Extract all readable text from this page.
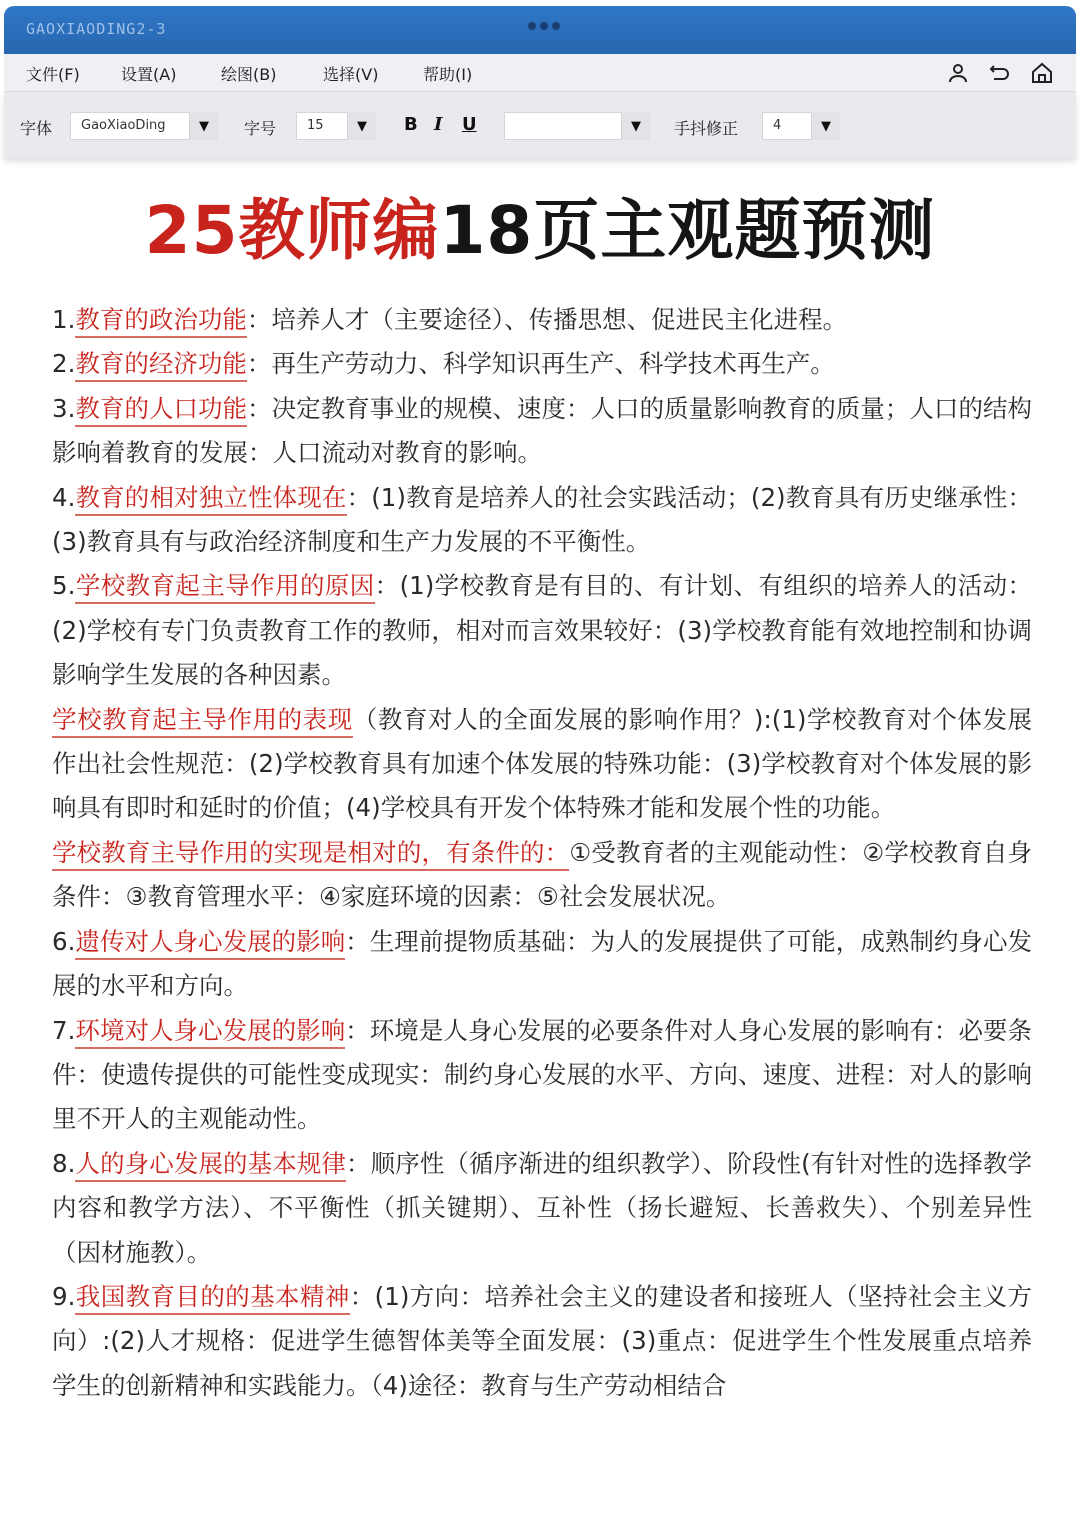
GAOXIAODING2-3
文件(F)	设置(A)	绘图(B)	选择(V)	帮助(I)
字体	GaoXiaoDing	▼	字号	15	▼	B I U	▼	手抖修正	4	▼
25教师编18页主观题预测

1.教育的政治功能：培养人才（主要途径）、传播思想、促进民主化进程。

2.教育的经济功能：再生产劳动力、科学知识再生产、科学技术再生产。

3.教育的人口功能：决定教育事业的规模、速度：人口的质量影响教育的质量；人口的结构影响着教育的发展：人口流动对教育的影响。

4.教育的相对独立性体现在：(1)教育是培养人的社会实践活动；(2)教育具有历史继承性：(3)教育具有与政治经济制度和生产力发展的不平衡性。

5.学校教育起主导作用的原因：(1)学校教育是有目的、有计划、有组织的培养人的活动：(2)学校有专门负责教育工作的教师，相对而言效果较好：(3)学校教育能有效地控制和协调影响学生发展的各种因素。

学校教育起主导作用的表现（教育对人的全面发展的影响作用？):(1)学校教育对个体发展作出社会性规范：(2)学校教育具有加速个体发展的特殊功能：(3)学校教育对个体发展的影响具有即时和延时的价值；(4)学校具有开发个体特殊才能和发展个性的功能。

学校教育主导作用的实现是相对的，有条件的：①受教育者的主观能动性：②学校教育自身条件：③教育管理水平：④家庭环境的因素：⑤社会发展状况。

6.遗传对人身心发展的影响：生理前提物质基础：为人的发展提供了可能，成熟制约身心发展的水平和方向。

7.环境对人身心发展的影响：环境是人身心发展的必要条件对人身心发展的影响有：必要条件：使遗传提供的可能性变成现实：制约身心发展的水平、方向、速度、进程：对人的影响里不开人的主观能动性。

8.人的身心发展的基本规律：顺序性（循序渐进的组织教学）、阶段性(有针对性的选择教学内容和教学方法）、不平衡性（抓关键期）、互补性（扬长避短、长善救失）、个别差异性（因材施教）。

9.我国教育目的的基本精神：(1)方向：培养社会主义的建设者和接班人（坚持社会主义方向）:(2)人才规格：促进学生德智体美等全面发展：(3)重点：促进学生个性发展重点培养学生的创新精神和实践能力。（4)途径：教育与生产劳动相结合
